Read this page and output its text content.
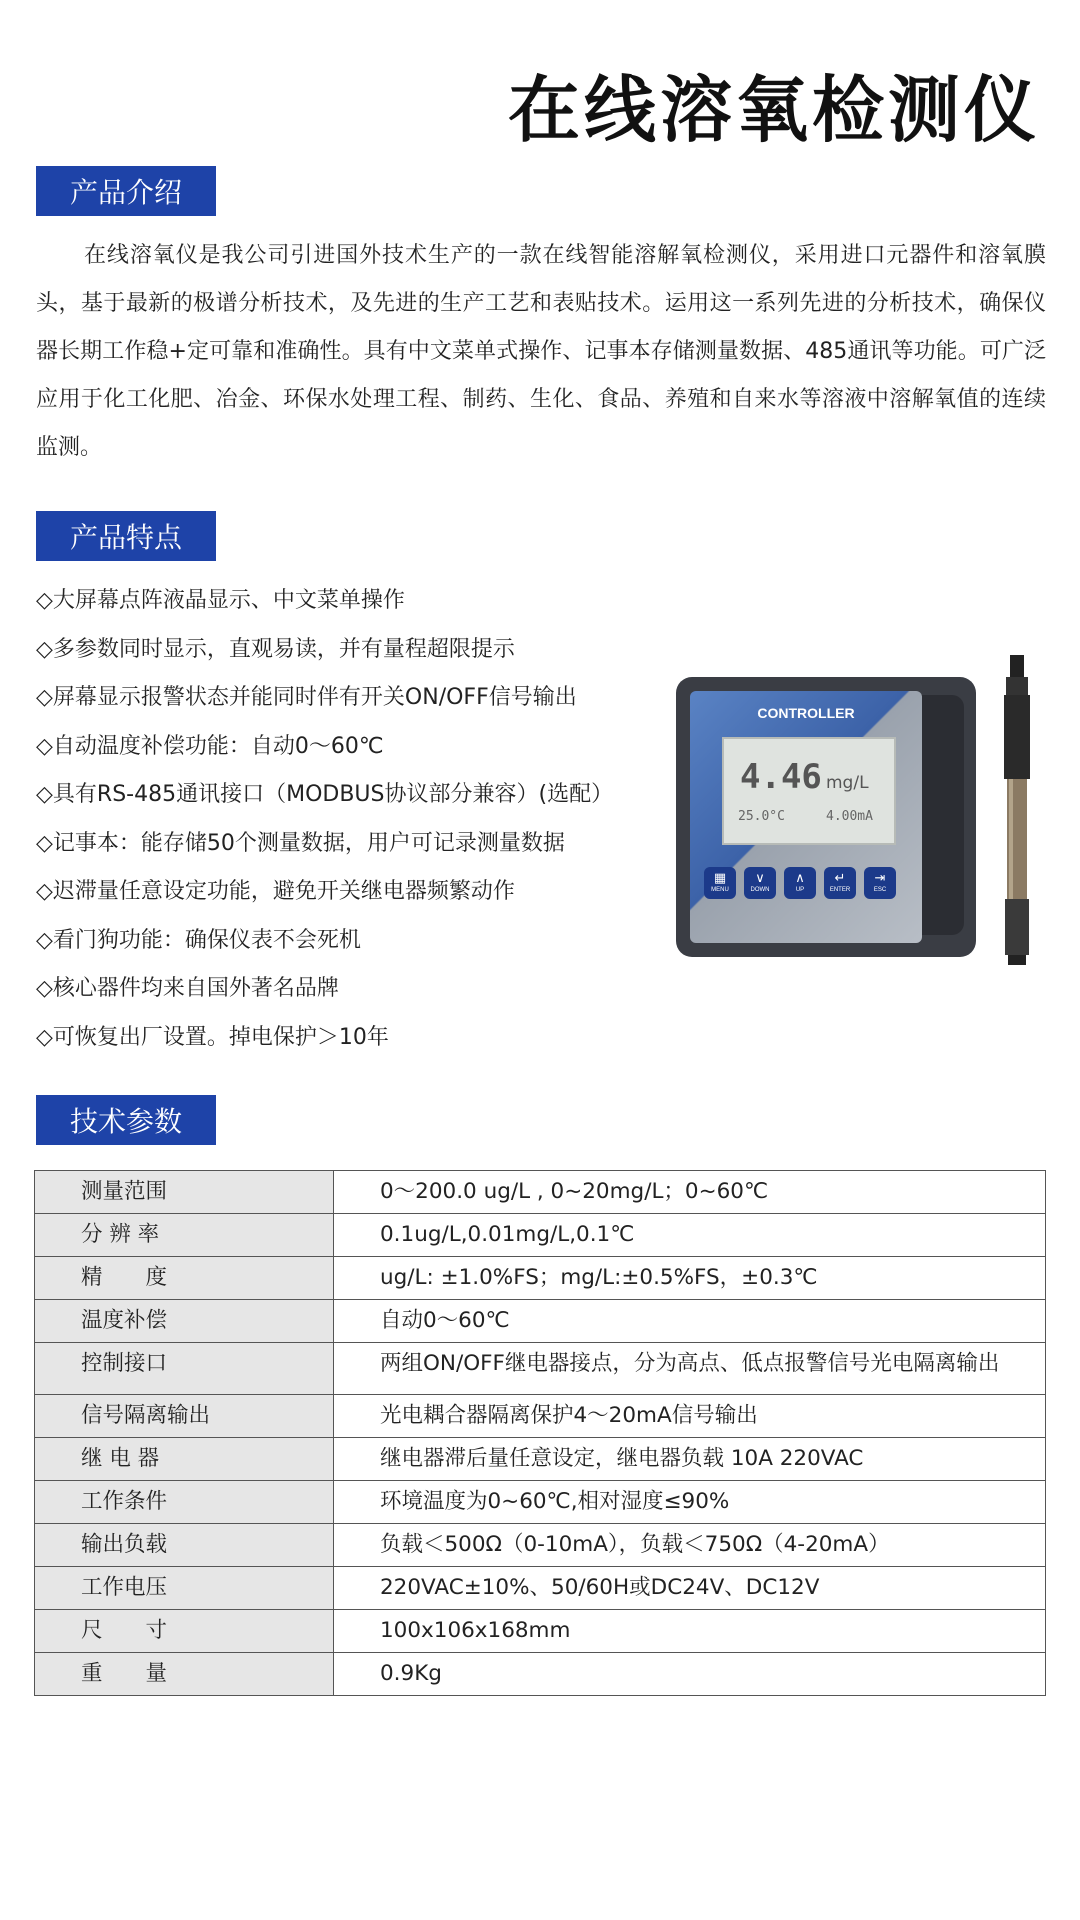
在线溶氧检测仪
产品介绍

在线溶氧仪是我公司引进国外技术生产的一款在线智能溶解氧检测仪，采用进口元器件和溶氧膜头，基于最新的极谱分析技术，及先进的生产工艺和表贴技术。运用这一系列先进的分析技术，确保仪器长期工作稳+定可靠和准确性。具有中文菜单式操作、记事本存储测量数据、485通讯等功能。可广泛应用于化工化肥、冶金、环保水处理工程、制药、生化、食品、养殖和自来水等溶液中溶解氧值的连续监测。

产品特点
◇大屏幕点阵液晶显示、中文菜单操作
◇多参数同时显示，直观易读，并有量程超限提示
◇屏幕显示报警状态并能同时伴有开关ON/OFF信号输出
◇自动温度补偿功能：自动0～60℃
◇具有RS-485通讯接口（MODBUS协议部分兼容）(选配）
◇记事本：能存储50个测量数据，用户可记录测量数据
◇迟滞量任意设定功能，避免开关继电器频繁动作
◇看门狗功能：确保仪表不会死机
◇核心器件均来自国外著名品牌
◇可恢复出厂设置。掉电保护＞10年
CONTROLLER
4.46 mg/L
25.0°C	4.00mA
▦
MENU
∨
DOWN
∧
UP
↵
ENTER
⇥
ESC
技术参数
测量范围	0～200.0 ug/L , 0~20mg/L；0~60℃
分 辨 率	0.1ug/L,0.01mg/L,0.1℃
精　　度	ug/L: ±1.0%FS；mg/L:±0.5%FS，±0.3℃
温度补偿	自动0～60℃
控制接口	两组ON/OFF继电器接点，分为高点、低点报警信号光电隔离输出
信号隔离输出	光电耦合器隔离保护4～20mA信号输出
继 电 器	继电器滞后量任意设定，继电器负载 10A 220VAC
工作条件	环境温度为0~60℃,相对湿度≤90%
输出负载	负载＜500Ω（0-10mA），负载＜750Ω（4-20mA）
工作电压	220VAC±10%、50/60H或DC24V、DC12V
尺　　寸	100x106x168mm
重　　量	0.9Kg
